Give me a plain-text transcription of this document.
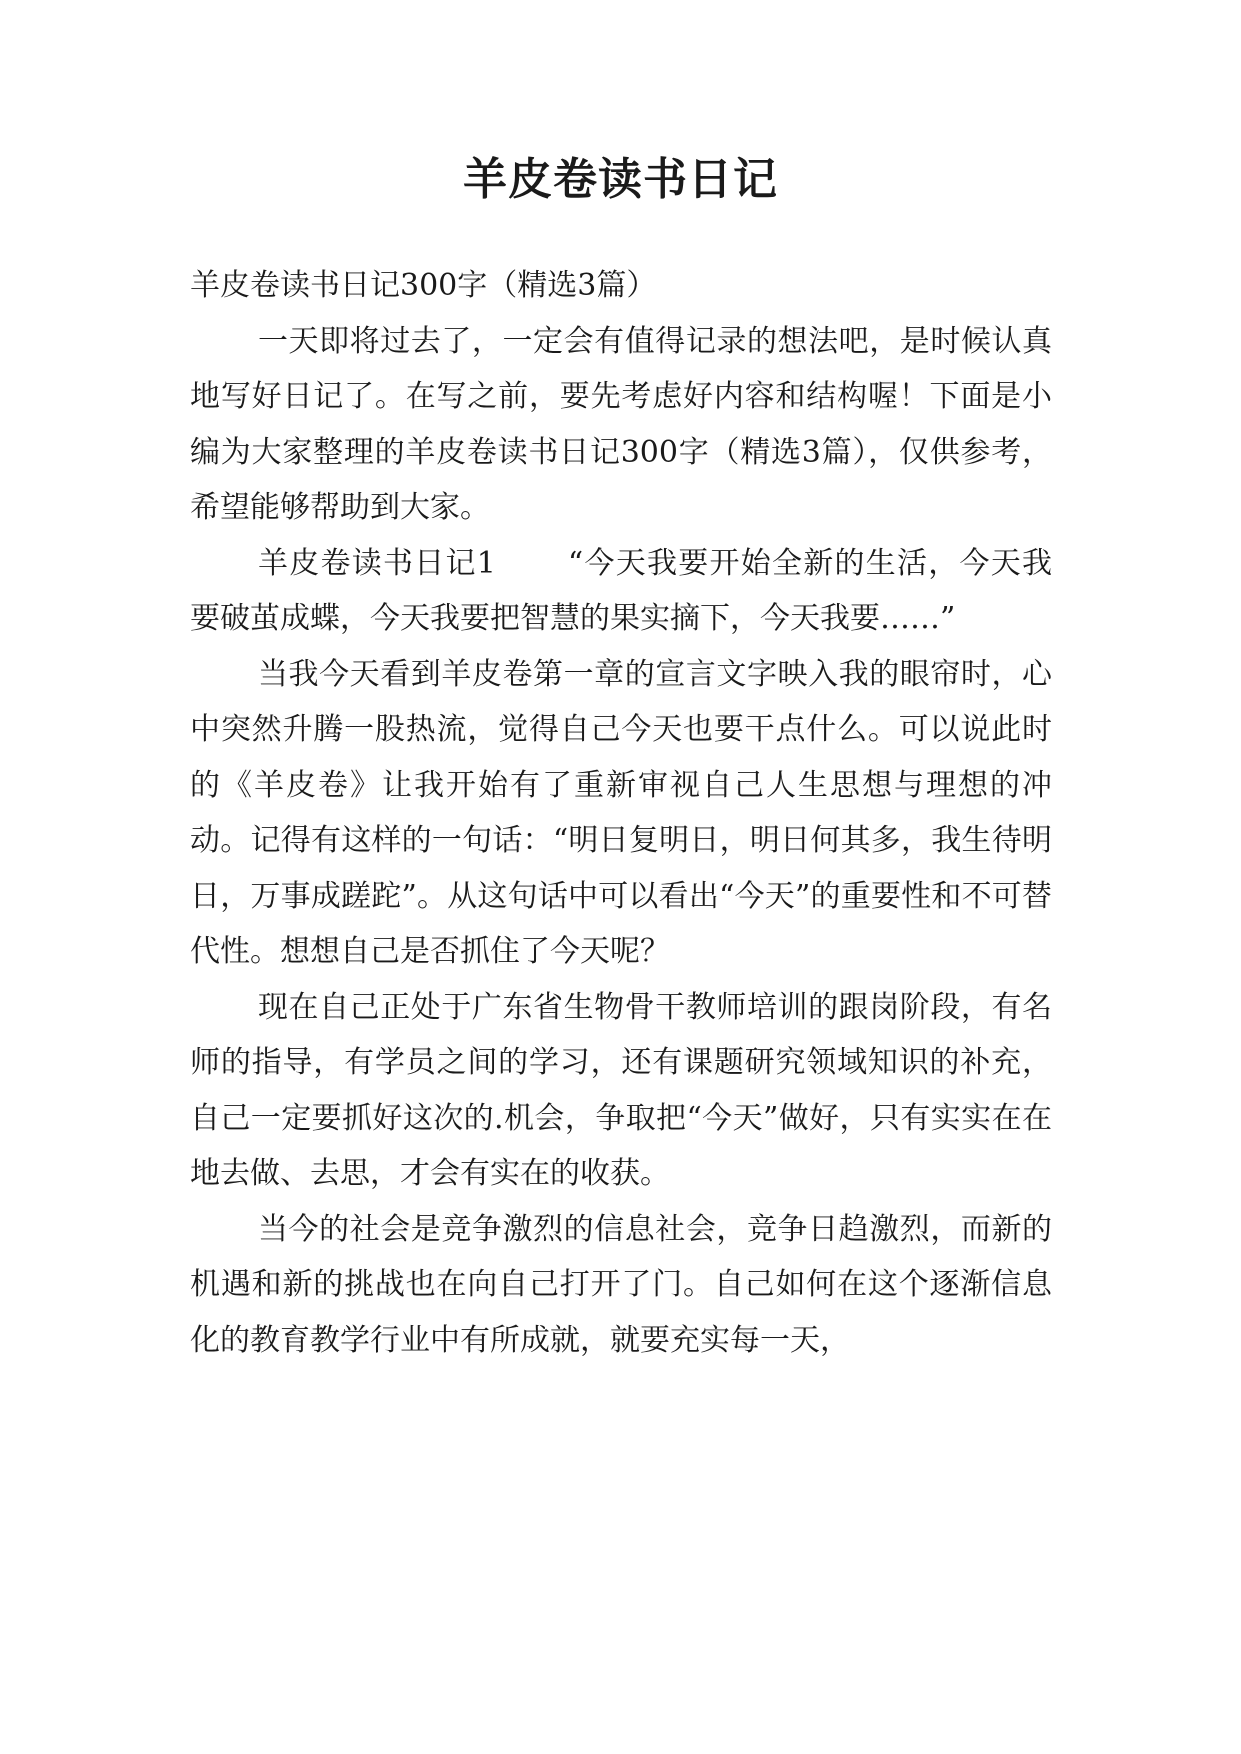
羊皮卷读书日记

羊皮卷读书日记300字（精选3篇）

一天即将过去了，一定会有值得记录的想法吧，是时候认真地写好日记了。在写之前，要先考虑好内容和结构喔！下面是小编为大家整理的羊皮卷读书日记300字（精选3篇），仅供参考，希望能够帮助到大家。

羊皮卷读书日记1 “今天我要开始全新的生活，今天我要破茧成蝶，今天我要把智慧的果实摘下，今天我要……”

当我今天看到羊皮卷第一章的宣言文字映入我的眼帘时，心中突然升腾一股热流，觉得自己今天也要干点什么。可以说此时的《羊皮卷》让我开始有了重新审视自己人生思想与理想的冲动。记得有这样的一句话：“明日复明日，明日何其多，我生待明日，万事成蹉跎”。从这句话中可以看出“今天”的重要性和不可替代性。想想自己是否抓住了今天呢？

现在自己正处于广东省生物骨干教师培训的跟岗阶段，有名师的指导，有学员之间的学习，还有课题研究领域知识的补充，自己一定要抓好这次的.机会，争取把“今天”做好，只有实实在在地去做、去思，才会有实在的收获。

当今的社会是竞争激烈的信息社会，竞争日趋激烈，而新的机遇和新的挑战也在向自己打开了门。自己如何在这个逐渐信息化的教育教学行业中有所成就，就要充实每一天，
